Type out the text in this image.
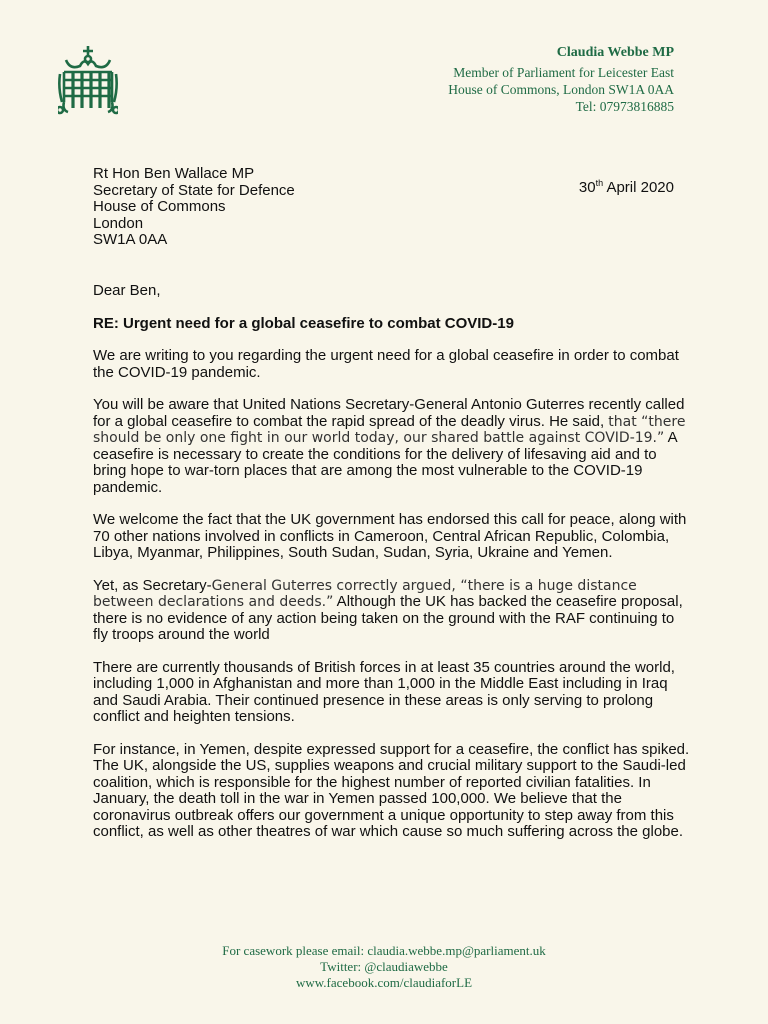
Claudia Webbe MP
Member of Parliament for Leicester East
House of Commons, London SW1A 0AA
Tel: 07973816885
Rt Hon Ben Wallace MP
Secretary of State for Defence
House of Commons
London
SW1A 0AA
30th April 2020

Dear Ben,

RE: Urgent need for a global ceasefire to combat COVID-19

We are writing to you regarding the urgent need for a global ceasefire in order to combat the COVID-19 pandemic.

You will be aware that United Nations Secretary-General Antonio Guterres recently called for a global ceasefire to combat the rapid spread of the deadly virus. He said, that “there should be only one fight in our world today, our shared battle against COVID-19.” A ceasefire is necessary to create the conditions for the delivery of lifesaving aid and to bring hope to war-torn places that are among the most vulnerable to the COVID-19 pandemic.

We welcome the fact that the UK government has endorsed this call for peace, along with 70 other nations involved in conflicts in Cameroon, Central African Republic, Colombia, Libya, Myanmar, Philippines, South Sudan, Sudan, Syria, Ukraine and Yemen.

Yet, as Secretary-General Guterres correctly argued, “there is a huge distance between declarations and deeds.” Although the UK has backed the ceasefire proposal, there is no evidence of any action being taken on the ground with the RAF continuing to fly troops around the world

There are currently thousands of British forces in at least 35 countries around the world, including 1,000 in Afghanistan and more than 1,000 in the Middle East including in Iraq and Saudi Arabia. Their continued presence in these areas is only serving to prolong conflict and heighten tensions.

For instance, in Yemen, despite expressed support for a ceasefire, the conflict has spiked. The UK, alongside the US, supplies weapons and crucial military support to the Saudi-led coalition, which is responsible for the highest number of reported civilian fatalities. In January, the death toll in the war in Yemen passed 100,000. We believe that the coronavirus outbreak offers our government a unique opportunity to step away from this conflict, as well as other theatres of war which cause so much suffering across the globe.

For casework please email: claudia.webbe.mp@parliament.uk
Twitter: @claudiawebbe
www.facebook.com/claudiaforLE
